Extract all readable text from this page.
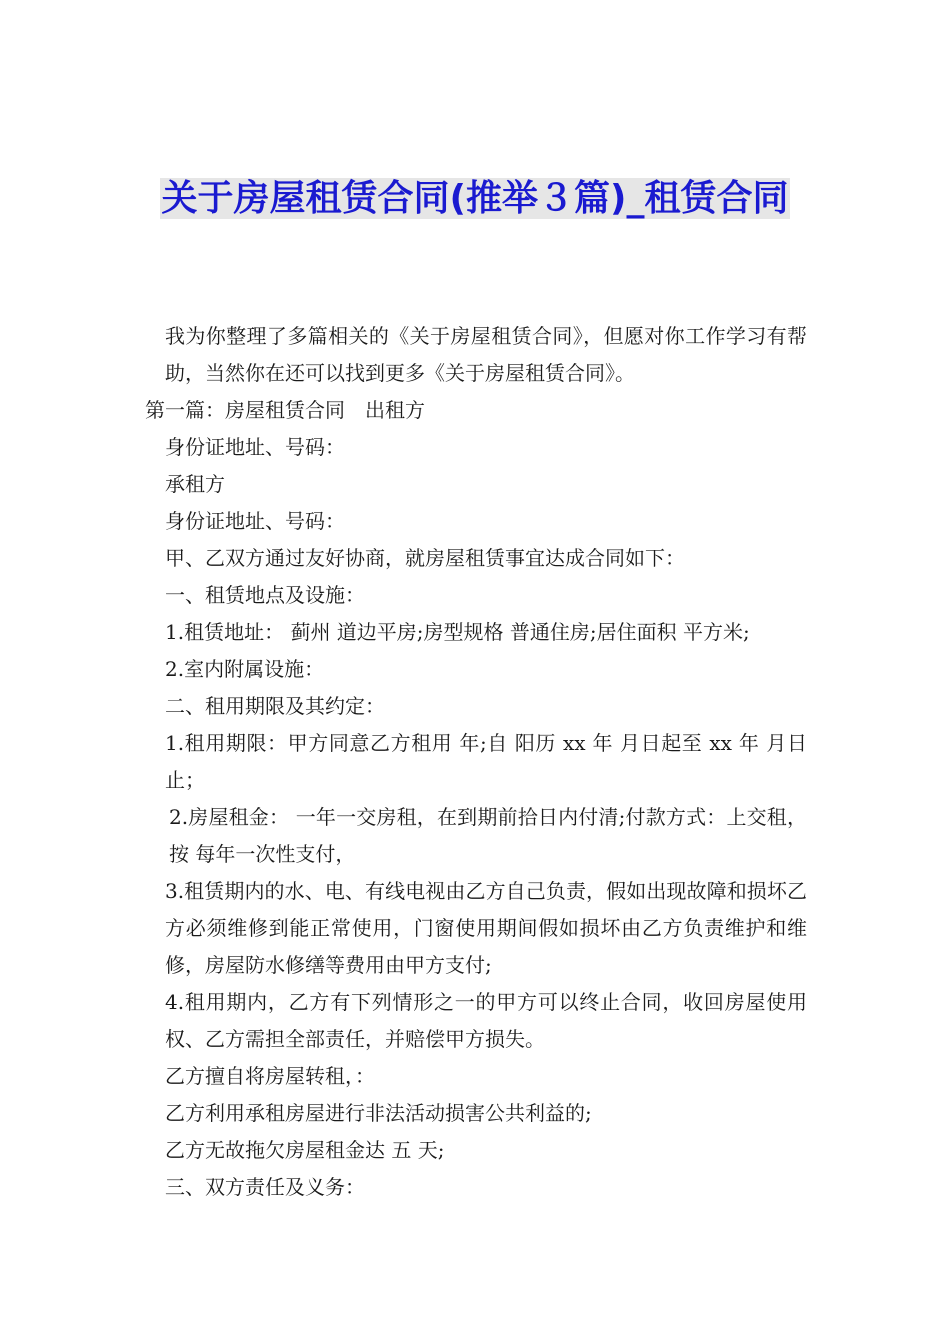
关于房屋租赁合同(推举３篇)_租赁合同

我为你整理了多篇相关的《关于房屋租赁合同》，但愿对你工作学习有帮助，当然你在还可以找到更多《关于房屋租赁合同》。

第一篇：房屋租赁合同　出租方

身份证地址、号码：

承租方

身份证地址、号码：

甲、乙双方通过友好协商，就房屋租赁事宜达成合同如下：

一、租赁地点及设施：

1.租赁地址： 蓟州 道边平房;房型规格 普通住房;居住面积 平方米;

2.室内附属设施：

二、租用期限及其约定：

1.租用期限：甲方同意乙方租用 年;自 阳历 xx 年 月日起至 xx 年 月日止；

2.房屋租金： 一年一交房租，在到期前拾日内付清;付款方式：上交租，按 每年一次性支付，

3.租赁期内的水、电、有线电视由乙方自己负责，假如出现故障和损坏乙方必须维修到能正常使用，门窗使用期间假如损坏由乙方负责维护和维修，房屋防水修缮等费用由甲方支付;

4.租用期内，乙方有下列情形之一的甲方可以终止合同，收回房屋使用权、乙方需担全部责任，并赔偿甲方损失。

乙方擅自将房屋转租，：

乙方利用承租房屋进行非法活动损害公共利益的;

乙方无故拖欠房屋租金达 五 天;

三、双方责任及义务：
